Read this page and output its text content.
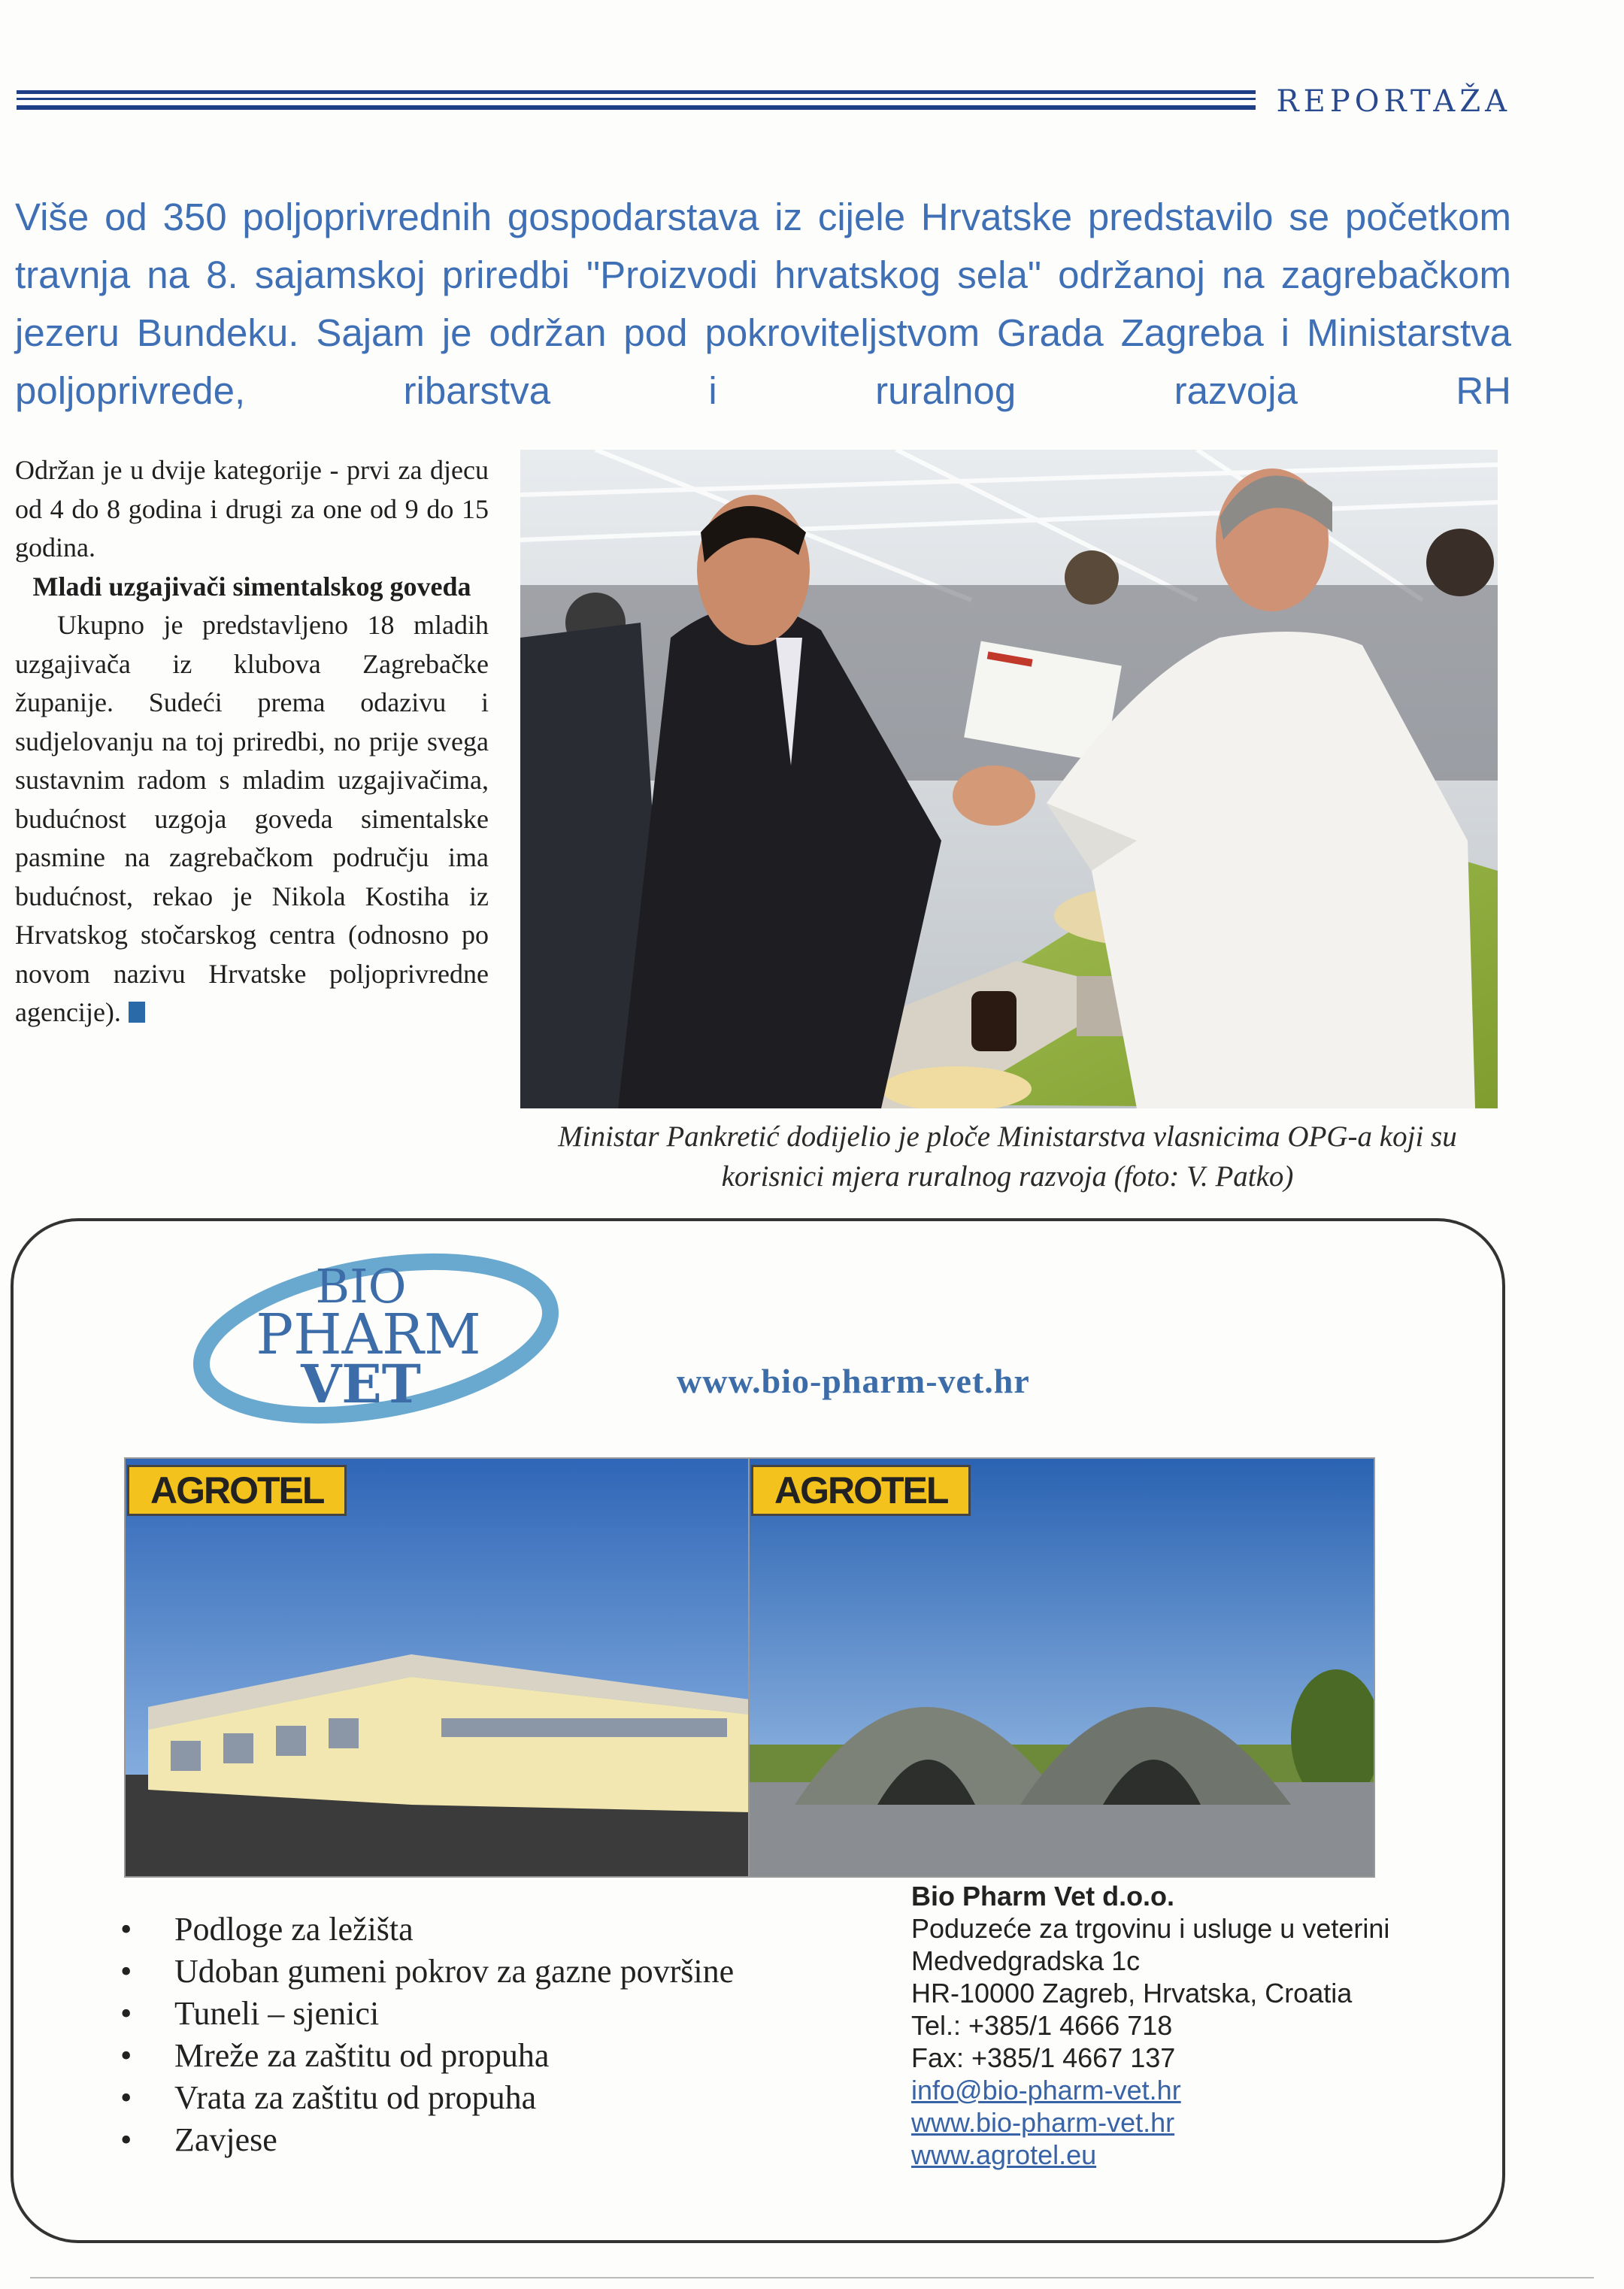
REPORTAŽA
Više od 350 poljoprivrednih gospodarstava iz cijele Hrvatske predstavilo se početkom travnja na 8. sajamskoj priredbi "Proizvodi hrvatskog sela" održanoj na zagrebačkom jezeru Bundeku. Sajam je održan pod pokroviteljstvom Grada Zagreba i Ministarstva poljoprivrede, ribarstva i ruralnog razvoja RH

Održan je u dvije kategorije - prvi za djecu od 4 do 8 godina i drugi za one od 9 do 15 godina.

Mladi uzgajivači simentalskog goveda

Ukupno je predstavljeno 18 mladih uzgajivača iz klubova Zagrebačke županije. Sudeći prema odazivu i sudjelovanju na toj priredbi, no prije svega sustavnim radom s mladim uzgajivačima, budućnost uzgoja goveda simentalske pasmine na zagrebačkom području ima budućnost, rekao je Nikola Kostiha iz Hrvatskog stočarskog centra (odnosno po novom nazivu Hrvatske poljoprivredne agencije).

Ministar Pankretić dodijelio je ploče Ministarstva vlasnicima OPG-a koji su korisnici mjera ruralnog razvoja (foto: V. Patko)
BIO
PHARM
VET	www.bio-pharm-vet.hr
AGROTEL	AGROTEL
• Podloge za ležišta
• Udoban gumeni pokrov za gazne površine
• Tuneli – sjenici
• Mreže za zaštitu od propuha
• Vrata za zaštitu od propuha
• Zavjese
Bio Pharm Vet d.o.o.
Poduzeće za trgovinu i usluge u veterini
Medvedgradska 1c
HR-10000 Zagreb, Hrvatska, Croatia
Tel.: +385/1 4666 718
Fax: +385/1 4667 137
info@bio-pharm-vet.hr
www.bio-pharm-vet.hr
www.agrotel.eu
